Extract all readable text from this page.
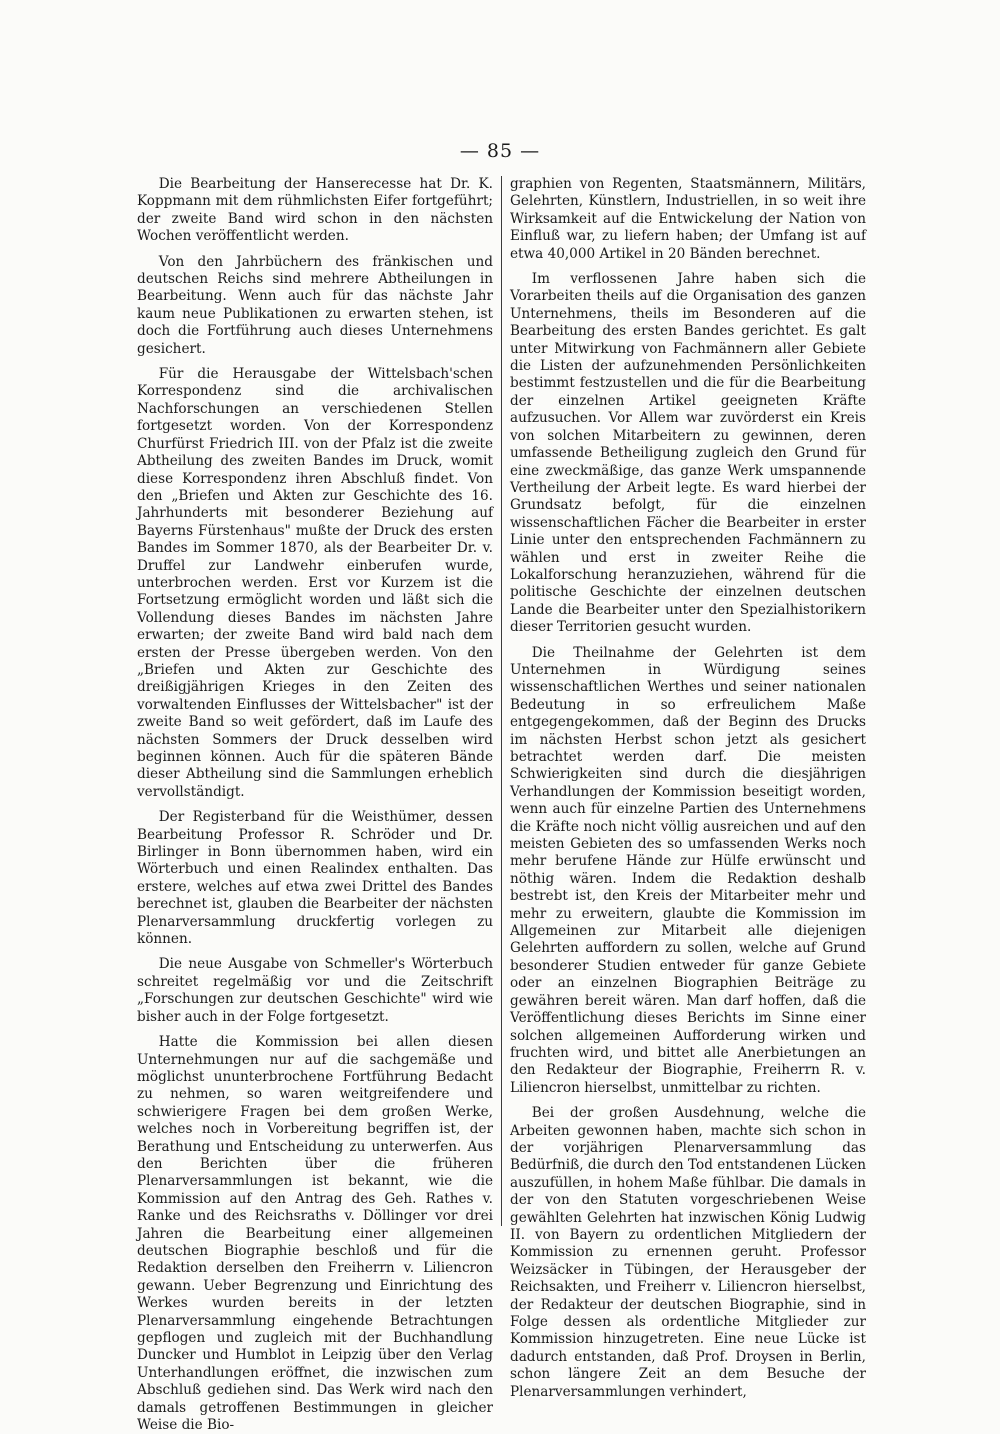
— 85 —

Die Bearbeitung der Hanserecesse hat Dr. K. Koppmann mit dem rühmlichsten Eifer fortgeführt; der zweite Band wird schon in den nächsten Wochen veröffentlicht werden.

Von den Jahrbüchern des fränkischen und deutschen Reichs sind mehrere Abtheilungen in Bearbeitung. Wenn auch für das nächste Jahr kaum neue Publikationen zu erwarten stehen, ist doch die Fortführung auch dieses Unternehmens gesichert.

Für die Herausgabe der Wittelsbach'schen Korrespondenz sind die archivalischen Nachforschungen an verschiedenen Stellen fortgesetzt worden. Von der Korrespondenz Churfürst Friedrich III. von der Pfalz ist die zweite Abtheilung des zweiten Bandes im Druck, womit diese Korrespondenz ihren Abschluß findet. Von den „Briefen und Akten zur Geschichte des 16. Jahrhunderts mit besonderer Beziehung auf Bayerns Fürstenhaus" mußte der Druck des ersten Bandes im Sommer 1870, als der Bearbeiter Dr. v. Druffel zur Landwehr einberufen wurde, unterbrochen werden. Erst vor Kurzem ist die Fortsetzung ermöglicht worden und läßt sich die Vollendung dieses Bandes im nächsten Jahre erwarten; der zweite Band wird bald nach dem ersten der Presse übergeben werden. Von den „Briefen und Akten zur Geschichte des dreißigjährigen Krieges in den Zeiten des vorwaltenden Einflusses der Wittelsbacher" ist der zweite Band so weit gefördert, daß im Laufe des nächsten Sommers der Druck desselben wird beginnen können. Auch für die späteren Bände dieser Abtheilung sind die Sammlungen erheblich vervollständigt.

Der Registerband für die Weisthümer, dessen Bearbeitung Professor R. Schröder und Dr. Birlinger in Bonn übernommen haben, wird ein Wörterbuch und einen Realindex enthalten. Das erstere, welches auf etwa zwei Drittel des Bandes berechnet ist, glauben die Bearbeiter der nächsten Plenarversammlung druckfertig vorlegen zu können.

Die neue Ausgabe von Schmeller's Wörterbuch schreitet regelmäßig vor und die Zeitschrift „Forschungen zur deutschen Geschichte" wird wie bisher auch in der Folge fortgesetzt.

Hatte die Kommission bei allen diesen Unternehmungen nur auf die sachgemäße und möglichst ununterbrochene Fortführung Bedacht zu nehmen, so waren weitgreifendere und schwierigere Fragen bei dem großen Werke, welches noch in Vorbereitung begriffen ist, der Berathung und Entscheidung zu unterwerfen. Aus den Berichten über die früheren Plenarversammlungen ist bekannt, wie die Kommission auf den Antrag des Geh. Rathes v. Ranke und des Reichsraths v. Döllinger vor drei Jahren die Bearbeitung einer allgemeinen deutschen Biographie beschloß und für die Redaktion derselben den Freiherrn v. Liliencron gewann. Ueber Begrenzung und Einrichtung des Werkes wurden bereits in der letzten Plenarversammlung eingehende Betrachtungen gepflogen und zugleich mit der Buchhandlung Duncker und Humblot in Leipzig über den Verlag Unterhandlungen eröffnet, die inzwischen zum Abschluß gediehen sind. Das Werk wird nach den damals getroffenen Bestimmungen in gleicher Weise die Bio-

graphien von Regenten, Staatsmännern, Militärs, Gelehrten, Künstlern, Industriellen, in so weit ihre Wirksamkeit auf die Entwickelung der Nation von Einfluß war, zu liefern haben; der Umfang ist auf etwa 40,000 Artikel in 20 Bänden berechnet.

Im verflossenen Jahre haben sich die Vorarbeiten theils auf die Organisation des ganzen Unternehmens, theils im Besonderen auf die Bearbeitung des ersten Bandes gerichtet. Es galt unter Mitwirkung von Fachmännern aller Gebiete die Listen der aufzunehmenden Persönlichkeiten bestimmt festzustellen und die für die Bearbeitung der einzelnen Artikel geeigneten Kräfte aufzusuchen. Vor Allem war zuvörderst ein Kreis von solchen Mitarbeitern zu gewinnen, deren umfassende Betheiligung zugleich den Grund für eine zweckmäßige, das ganze Werk umspannende Vertheilung der Arbeit legte. Es ward hierbei der Grundsatz befolgt, für die einzelnen wissenschaftlichen Fächer die Bearbeiter in erster Linie unter den entsprechenden Fachmännern zu wählen und erst in zweiter Reihe die Lokalforschung heranzuziehen, während für die politische Geschichte der einzelnen deutschen Lande die Bearbeiter unter den Spezialhistorikern dieser Territorien gesucht wurden.

Die Theilnahme der Gelehrten ist dem Unternehmen in Würdigung seines wissenschaftlichen Werthes und seiner nationalen Bedeutung in so erfreulichem Maße entgegengekommen, daß der Beginn des Drucks im nächsten Herbst schon jetzt als gesichert betrachtet werden darf. Die meisten Schwierigkeiten sind durch die diesjährigen Verhandlungen der Kommission beseitigt worden, wenn auch für einzelne Partien des Unternehmens die Kräfte noch nicht völlig ausreichen und auf den meisten Gebieten des so umfassenden Werks noch mehr berufene Hände zur Hülfe erwünscht und nöthig wären. Indem die Redaktion deshalb bestrebt ist, den Kreis der Mitarbeiter mehr und mehr zu erweitern, glaubte die Kommission im Allgemeinen zur Mitarbeit alle diejenigen Gelehrten auffordern zu sollen, welche auf Grund besonderer Studien entweder für ganze Gebiete oder an einzelnen Biographien Beiträge zu gewähren bereit wären. Man darf hoffen, daß die Veröffentlichung dieses Berichts im Sinne einer solchen allgemeinen Aufforderung wirken und fruchten wird, und bittet alle Anerbietungen an den Redakteur der Biographie, Freiherrn R. v. Liliencron hierselbst, unmittelbar zu richten.

Bei der großen Ausdehnung, welche die Arbeiten gewonnen haben, machte sich schon in der vorjährigen Plenarversammlung das Bedürfniß, die durch den Tod entstandenen Lücken auszufüllen, in hohem Maße fühlbar. Die damals in der von den Statuten vorgeschriebenen Weise gewählten Gelehrten hat inzwischen König Ludwig II. von Bayern zu ordentlichen Mitgliedern der Kommission zu ernennen geruht. Professor Weizsäcker in Tübingen, der Herausgeber der Reichsakten, und Freiherr v. Liliencron hierselbst, der Redakteur der deutschen Biographie, sind in Folge dessen als ordentliche Mitglieder zur Kommission hinzugetreten. Eine neue Lücke ist dadurch entstanden, daß Prof. Droysen in Berlin, schon längere Zeit an dem Besuche der Plenarversammlungen verhindert,
